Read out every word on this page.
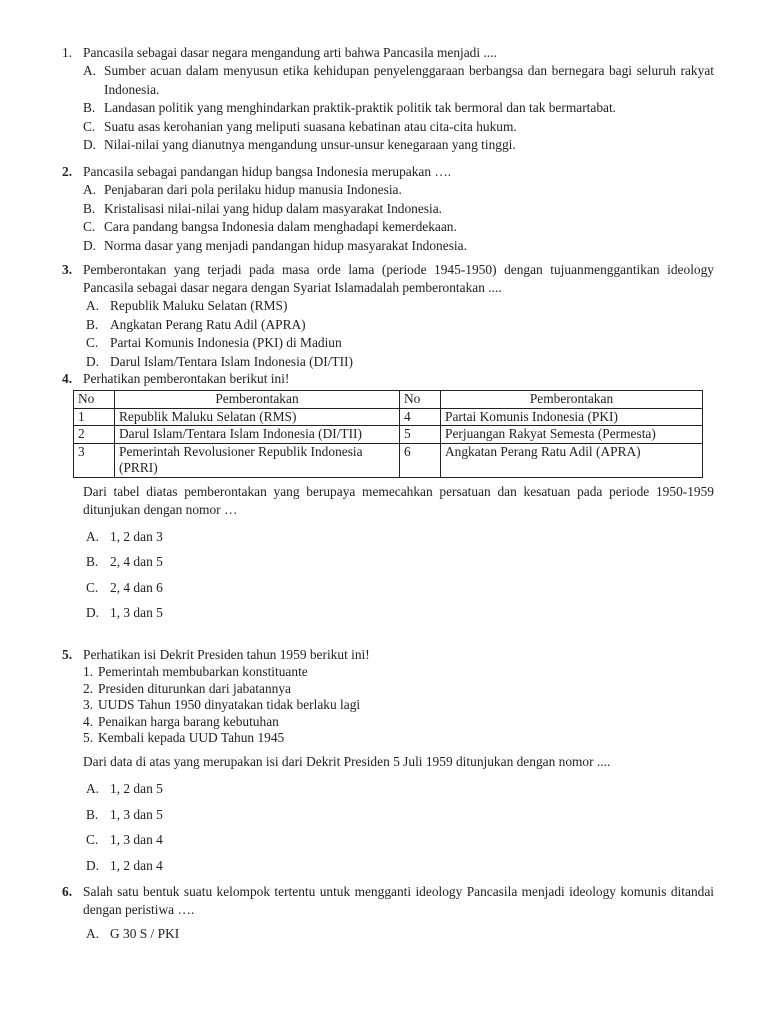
1. Pancasila sebagai dasar negara mengandung arti bahwa Pancasila menjadi ....
A. Sumber acuan dalam menyusun etika kehidupan penyelenggaraan berbangsa dan bernegara bagi seluruh rakyat Indonesia.
B. Landasan politik yang menghindarkan praktik-praktik politik tak bermoral dan tak bermartabat.
C. Suatu asas kerohanian yang meliputi suasana kebatinan atau cita-cita hukum.
D. Nilai-nilai yang dianutnya mengandung unsur-unsur kenegaraan yang tinggi.
2. Pancasila sebagai pandangan hidup bangsa Indonesia merupakan ….
A. Penjabaran dari pola perilaku hidup manusia Indonesia.
B. Kristalisasi nilai-nilai yang hidup dalam masyarakat Indonesia.
C. Cara pandang bangsa Indonesia dalam menghadapi kemerdekaan.
D. Norma dasar yang menjadi pandangan hidup masyarakat Indonesia.
3. Pemberontakan yang terjadi pada masa orde lama (periode 1945-1950) dengan tujuanmenggantikan ideology Pancasila sebagai dasar negara dengan Syariat Islamadalah pemberontakan ....
A. Republik Maluku Selatan (RMS)
B. Angkatan Perang Ratu Adil (APRA)
C. Partai Komunis Indonesia (PKI) di Madiun
D. Darul Islam/Tentara Islam Indonesia (DI/TII)
4. Perhatikan pemberontakan berikut ini!
No	Pemberontakan	No	Pemberontakan
1	Republik Maluku Selatan (RMS)	4	Partai Komunis Indonesia (PKI)
2	Darul Islam/Tentara Islam Indonesia (DI/TII)	5	Perjuangan Rakyat Semesta (Permesta)
3	Pemerintah Revolusioner Republik Indonesia (PRRI)	6	Angkatan Perang Ratu Adil (APRA)
Dari tabel diatas pemberontakan yang berupaya memecahkan persatuan dan kesatuan pada periode 1950-1959 ditunjukan dengan nomor …
A. 1, 2 dan 3
B. 2, 4 dan 5
C. 2, 4 dan 6
D. 1, 3 dan 5
5. Perhatikan isi Dekrit Presiden tahun 1959 berikut ini!
1. Pemerintah membubarkan konstituante
2. Presiden diturunkan dari jabatannya
3. UUDS Tahun 1950 dinyatakan tidak berlaku lagi
4. Penaikan harga barang kebutuhan
5. Kembali kepada UUD Tahun 1945
Dari data di atas yang merupakan isi dari Dekrit Presiden 5 Juli 1959 ditunjukan dengan nomor ....
A. 1, 2 dan 5
B. 1, 3 dan 5
C. 1, 3 dan 4
D. 1, 2 dan 4
6. Salah satu bentuk suatu kelompok tertentu untuk mengganti ideology Pancasila menjadi ideology komunis ditandai dengan peristiwa ….
A. G 30 S / PKI
